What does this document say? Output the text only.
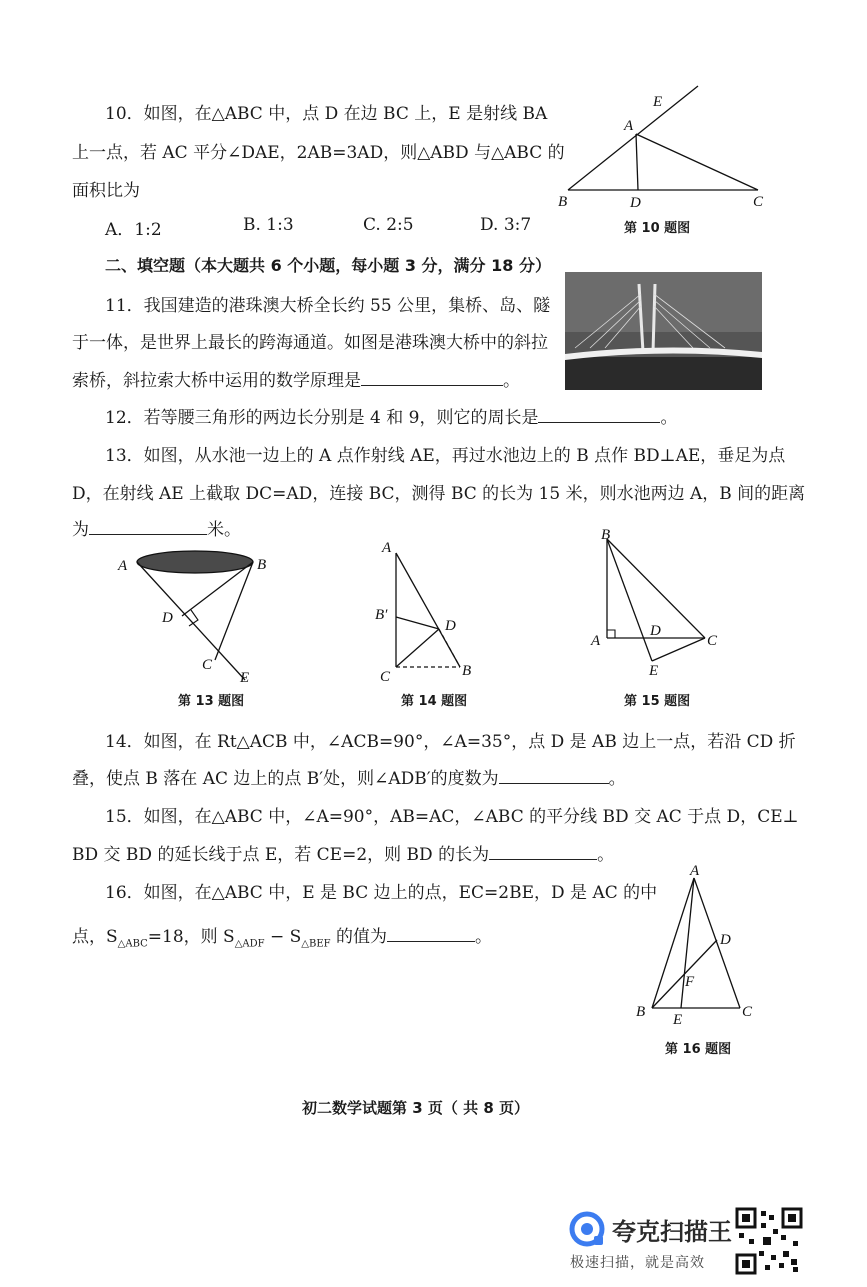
10．如图，在△ABC 中，点 D 在边 BC 上，E 是射线 BA
上一点，若 AC 平分∠DAE，2AB=3AD，则△ABD 与△ABC 的
面积比为
A．1:2	B. 1:3	C. 2:5	D. 3:7
E
A
B	D	C
第 10 题图
二、填空题（本大题共 6 个小题，每小题 3 分，满分 18 分）
11．我国建造的港珠澳大桥全长约 55 公里，集桥、岛、隧
于一体，是世界上最长的跨海通道。如图是港珠澳大桥中的斜拉
索桥，斜拉索大桥中运用的数学原理是	。
12．若等腰三角形的两边长分别是 4 和 9，则它的周长是	。
13．如图，从水池一边上的 A 点作射线 AE，再过水池边上的 B 点作 BD⊥AE，垂足为点
D，在射线 AE 上截取 DC=AD，连接 BC，测得 BC 的长为 15 米，则水池两边 A，B 间的距离
为	米。
A	B
D
C
E
第 13 题图
A
B′
D
C	B
第 14 题图
B
A
D
C
E
第 15 题图
14．如图，在 Rt△ACB 中，∠ACB=90°，∠A=35°，点 D 是 AB 边上一点，若沿 CD 折
叠，使点 B 落在 AC 边上的点 B′处，则∠ADB′的度数为	。
15．如图，在△ABC 中，∠A=90°，AB=AC，∠ABC 的平分线 BD 交 AC 于点 D，CE⊥
BD 交 BD 的延长线于点 E，若 CE=2，则 BD 的长为	。
16．如图，在△ABC 中，E 是 BC 边上的点，EC=2BE，D 是 AC 的中
点，$S_{\triangle ABC}=18$，则 $S_{\triangle ADF} - S_{\triangle BEF}$ 的值为	。
A
D
F
B E	C
第 16 题图
初二数学试题第 3 页（ 共 8 页）
夸克扫描王
极速扫描，就是高效
